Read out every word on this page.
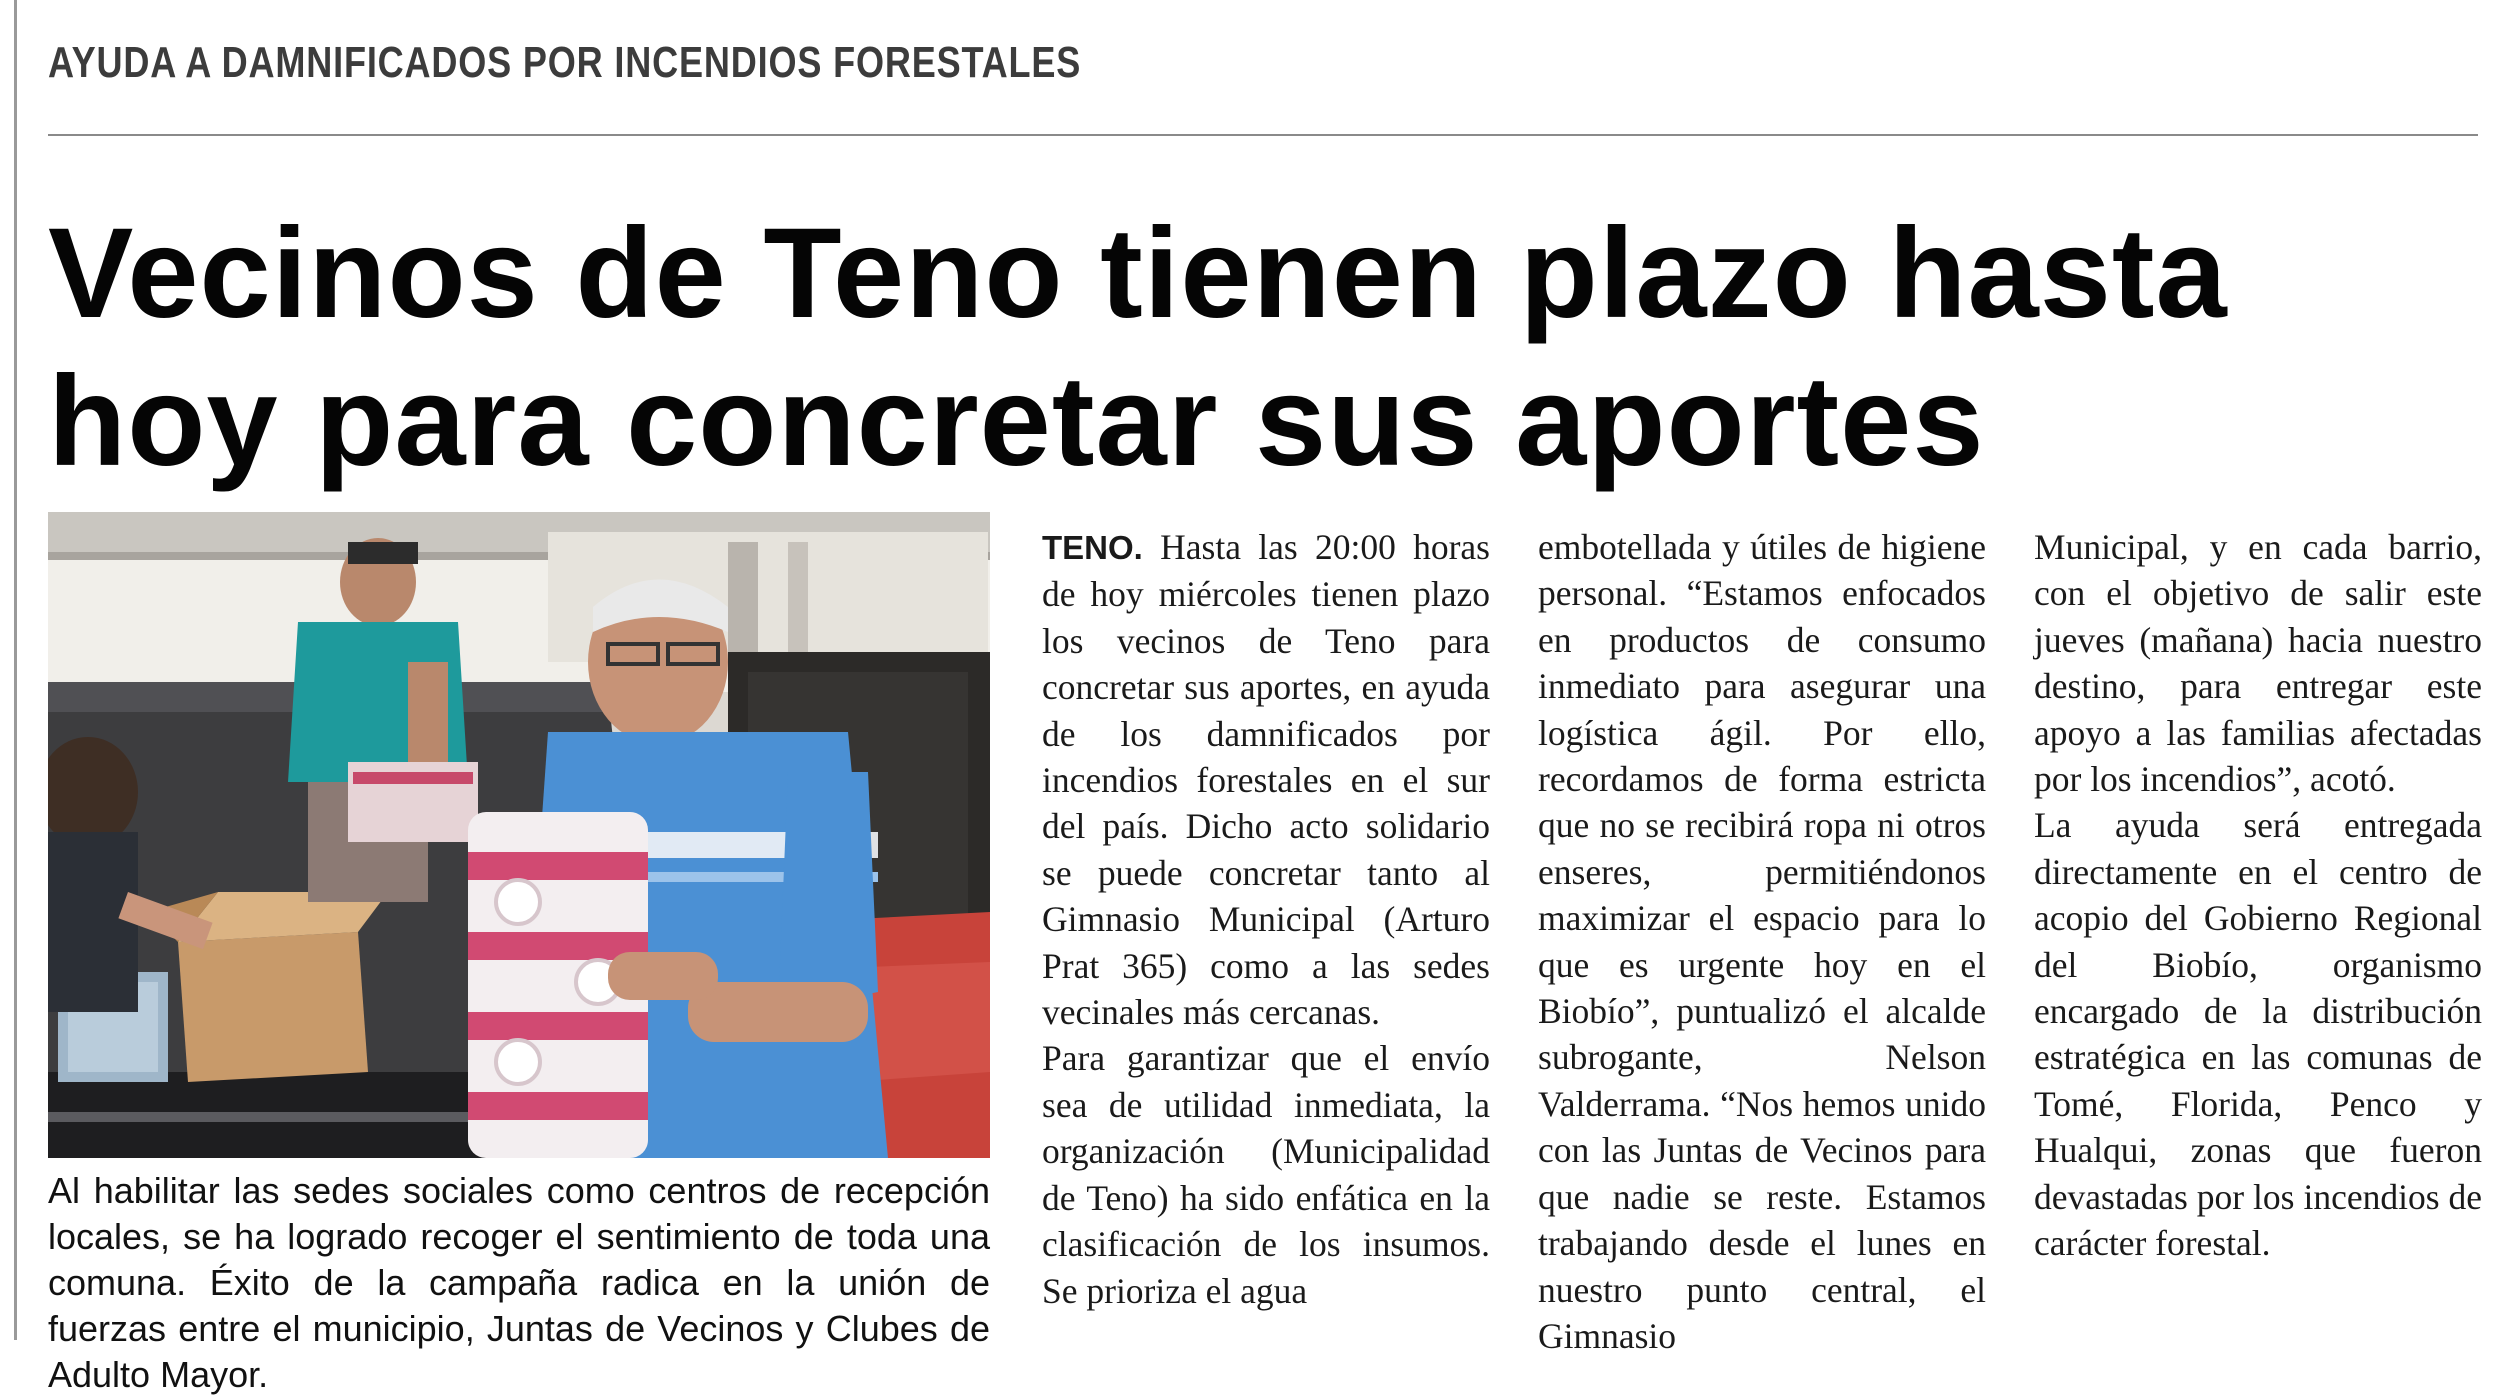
AYUDA A DAMNIFICADOS POR INCENDIOS FORESTALES
Vecinos de Teno tienen plazo hasta
hoy para concretar sus aportes
Al habilitar las sedes sociales como centros de recepción locales, se ha logrado recoger el sentimiento de toda una comuna. Éxito de la campaña radica en la unión de fuerzas entre el municipio, Juntas de Vecinos y Clubes de Adulto Mayor.

TENO. Hasta las 20:00 horas de hoy miércoles tienen plazo los vecinos de Teno para concretar sus aportes, en ayuda de los damnificados por incendios forestales en el sur del país. Dicho acto solidario se puede concretar tanto al Gimnasio Municipal (Arturo Prat 365) como a las sedes vecinales más cercanas.

Para garantizar que el envío sea de utilidad inmediata, la organización (Municipalidad de Teno) ha sido enfática en la clasificación de los insumos. Se prioriza el agua

embotellada y útiles de higiene personal. “Estamos enfocados en productos de consumo inmediato para asegurar una logística ágil. Por ello, recordamos de forma estricta que no se recibirá ropa ni otros enseres, permitiéndonos maximizar el espacio para lo que es urgente hoy en el Biobío”, puntualizó el alcalde subrogante, Nelson Valderrama. “Nos hemos unido con las Juntas de Vecinos para que nadie se reste. Estamos trabajando desde el lunes en nuestro punto central, el Gimnasio

Municipal, y en cada barrio, con el objetivo de salir este jueves (mañana) hacia nuestro destino, para entregar este apoyo a las familias afectadas por los incendios”, acotó.

La ayuda será entregada directamente en el centro de acopio del Gobierno Regional del Biobío, organismo encargado de la distribución estratégica en las comunas de Tomé, Florida, Penco y Hualqui, zonas que fueron devastadas por los incendios de carácter forestal.
